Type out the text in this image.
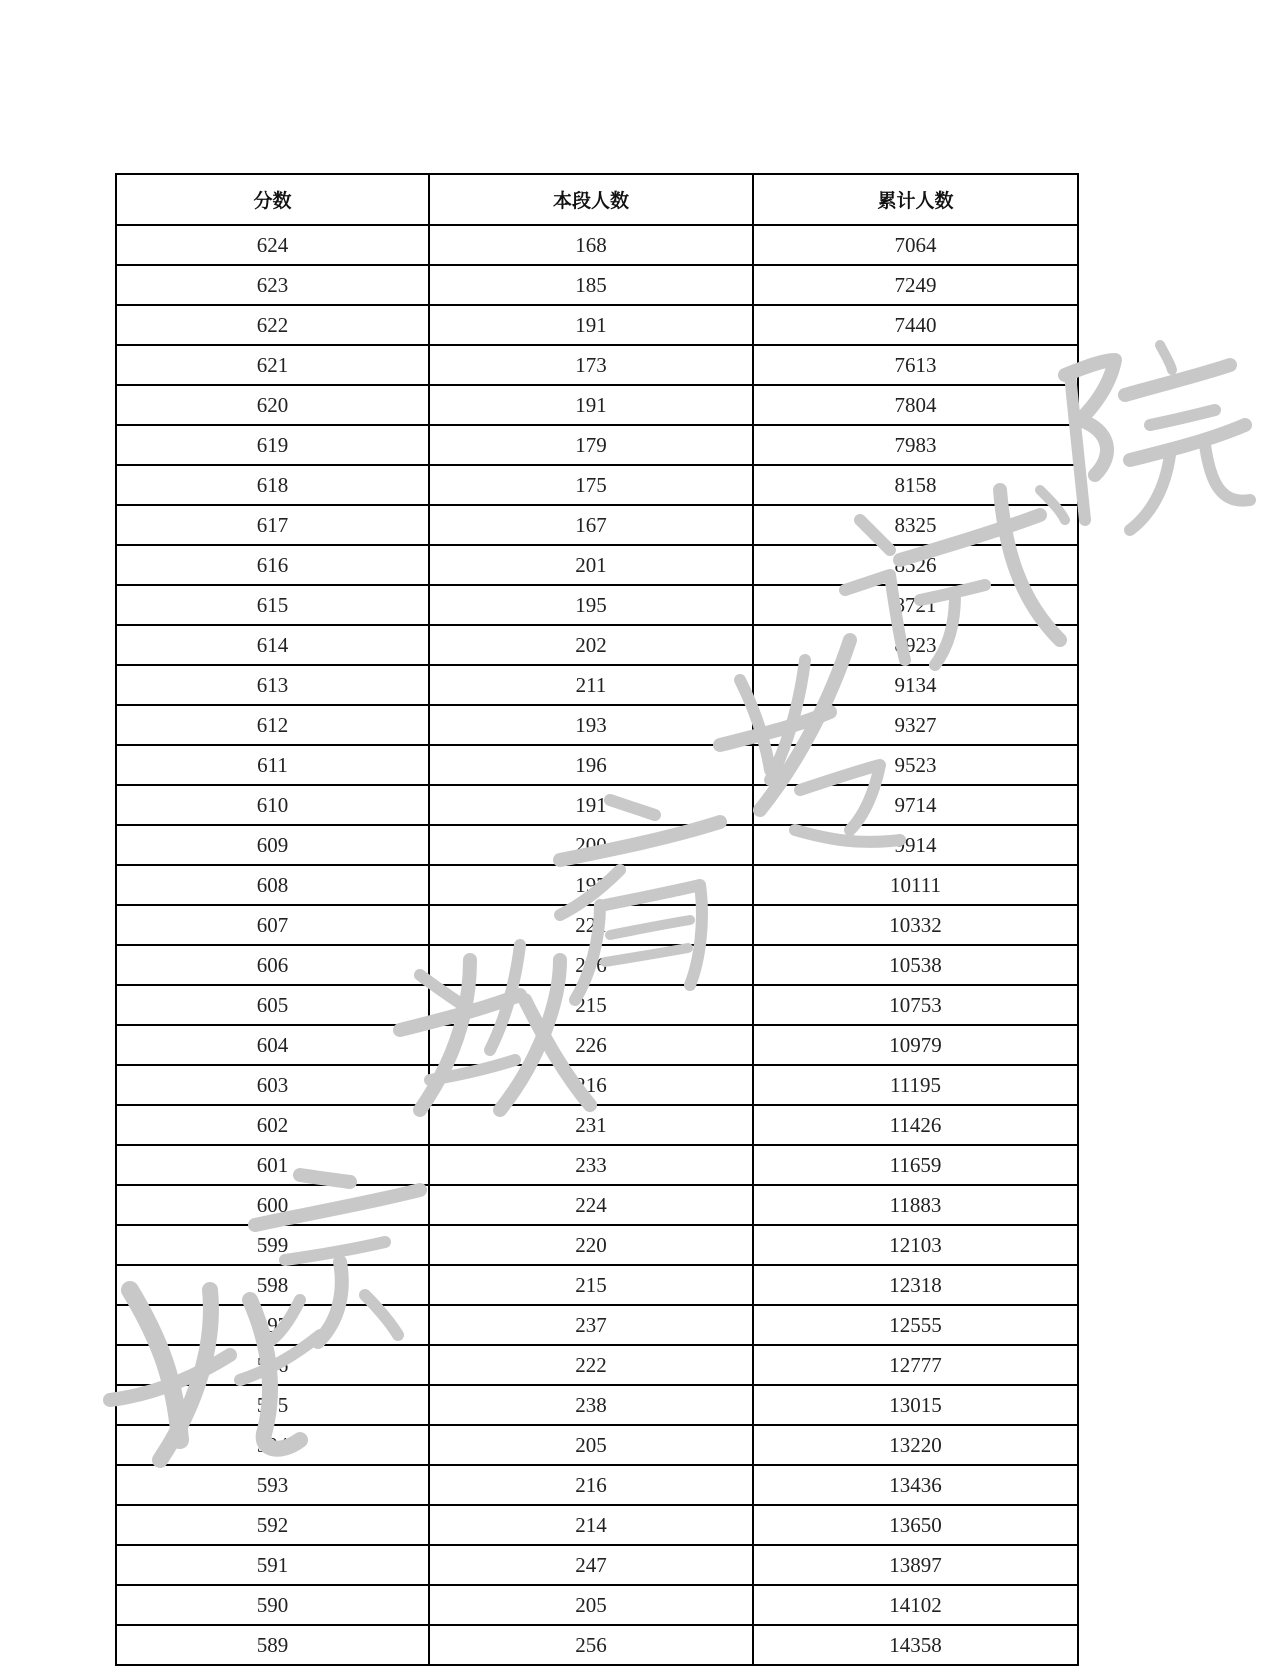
分数	本段人数	累计人数
624	168	7064
623	185	7249
622	191	7440
621	173	7613
620	191	7804
619	179	7983
618	175	8158
617	167	8325
616	201	8526
615	195	8721
614	202	8923
613	211	9134
612	193	9327
611	196	9523
610	191	9714
609	200	9914
608	197	10111
607	221	10332
606	206	10538
605	215	10753
604	226	10979
603	216	11195
602	231	11426
601	233	11659
600	224	11883
599	220	12103
598	215	12318
597	237	12555
596	222	12777
595	238	13015
594	205	13220
593	216	13436
592	214	13650
591	247	13897
590	205	14102
589	256	14358
